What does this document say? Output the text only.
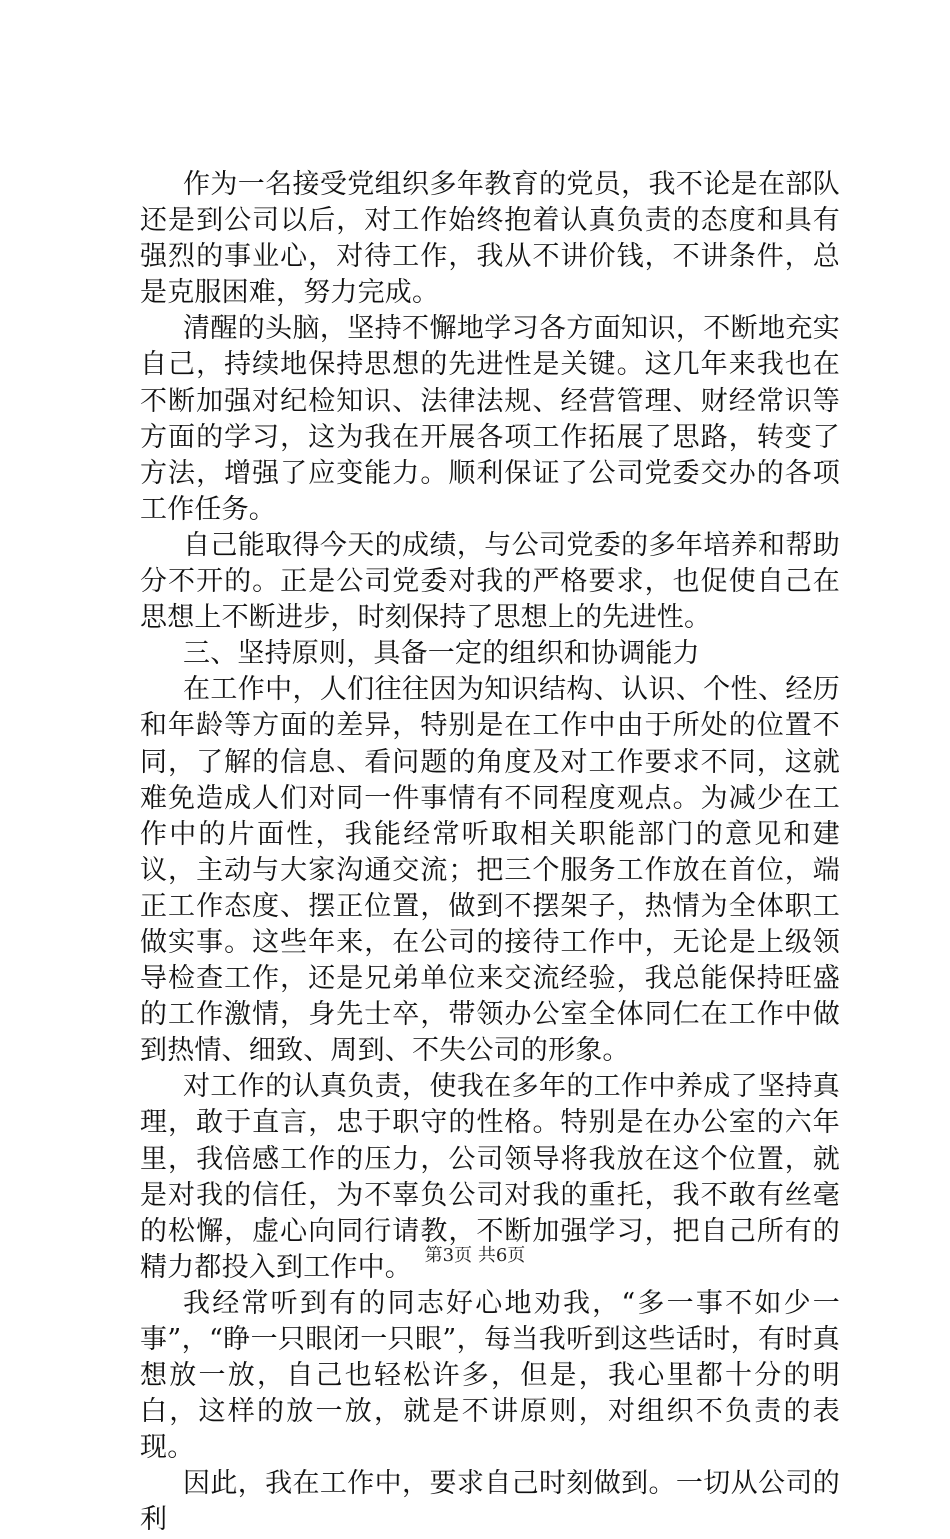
作为一名接受党组织多年教育的党员，我不论是在部队还是到公司以后，对工作始终抱着认真负责的态度和具有强烈的事业心，对待工作，我从不讲价钱，不讲条件，总是克服困难，努力完成。

清醒的头脑，坚持不懈地学习各方面知识，不断地充实自己，持续地保持思想的先进性是关键。这几年来我也在不断加强对纪检知识、法律法规、经营管理、财经常识等方面的学习，这为我在开展各项工作拓展了思路，转变了方法，增强了应变能力。顺利保证了公司党委交办的各项工作任务。

自己能取得今天的成绩，与公司党委的多年培养和帮助分不开的。正是公司党委对我的严格要求，也促使自己在思想上不断进步，时刻保持了思想上的先进性。

三、坚持原则，具备一定的组织和协调能力

在工作中，人们往往因为知识结构、认识、个性、经历和年龄等方面的差异，特别是在工作中由于所处的位置不同，了解的信息、看问题的角度及对工作要求不同，这就难免造成人们对同一件事情有不同程度观点。为减少在工作中的片面性，我能经常听取相关职能部门的意见和建议，主动与大家沟通交流；把三个服务工作放在首位，端正工作态度、摆正位置，做到不摆架子，热情为全体职工做实事。这些年来，在公司的接待工作中，无论是上级领导检查工作，还是兄弟单位来交流经验，我总能保持旺盛的工作激情，身先士卒，带领办公室全体同仁在工作中做到热情、细致、周到、不失公司的形象。

对工作的认真负责，使我在多年的工作中养成了坚持真理，敢于直言，忠于职守的性格。特别是在办公室的六年里，我倍感工作的压力，公司领导将我放在这个位置，就是对我的信任，为不辜负公司对我的重托，我不敢有丝毫的松懈，虚心向同行请教，不断加强学习，把自己所有的精力都投入到工作中。

我经常听到有的同志好心地劝我，“多一事不如少一事”，“睁一只眼闭一只眼”，每当我听到这些话时，有时真想放一放，自己也轻松许多，但是，我心里都十分的明白，这样的放一放，就是不讲原则，对组织不负责的表现。

因此，我在工作中，要求自己时刻做到。一切从公司的利

第3页 共6页
